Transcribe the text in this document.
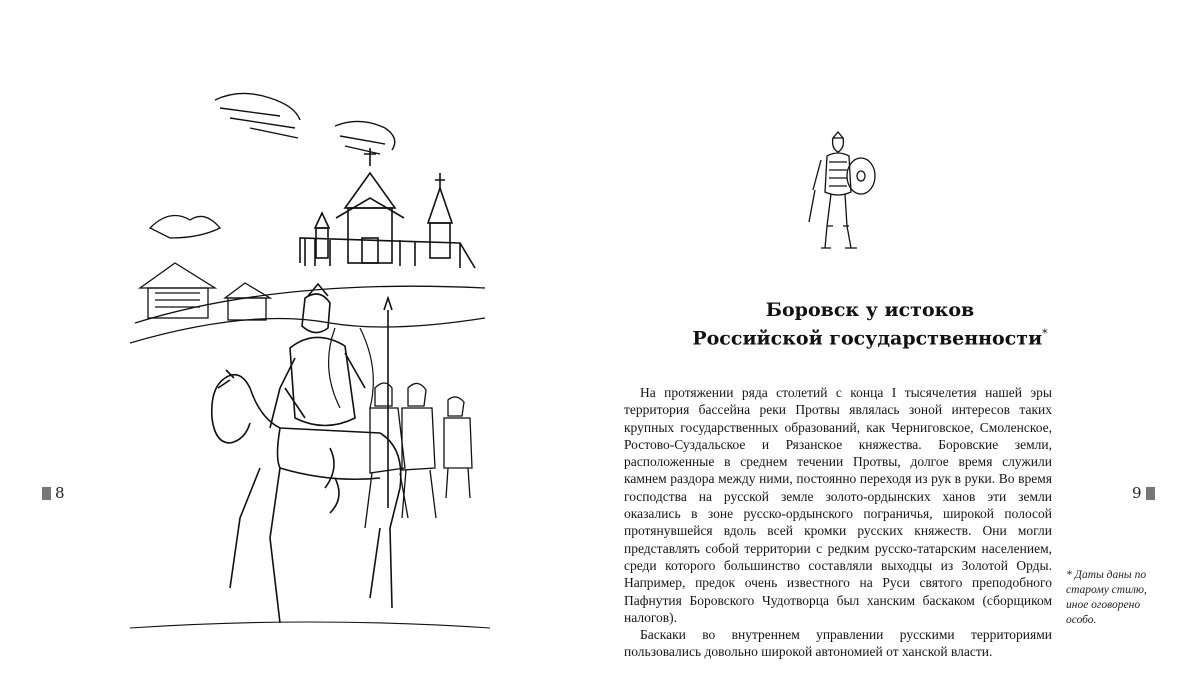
8
Боровск у истоков
Российской государственности*

На протяжении ряда столетий с конца I тысячелетия нашей эры территория бассейна реки Протвы являлась зоной интересов таких крупных государственных образований, как Черниговское, Смоленское, Ростово-Суздальское и Рязанское княжества. Боровские земли, расположенные в среднем течении Протвы, долгое время служили камнем раздора между ними, постоянно переходя из рук в руки. Во время господства на русской земле золото-ордынских ханов эти земли оказались в зоне русско-ордынского пограничья, широкой полосой протянувшейся вдоль всей кромки русских княжеств. Они могли представлять собой территории с редким русско-татарским населением, среди которого большинство составляли выходцы из Золотой Орды. Например, предок очень известного на Руси святого преподобного Пафнутия Боровского Чудотворца был ханским баскаком (сборщиком налогов).

Баскаки во внутреннем управлении русскими территориями пользовались довольно широкой автономией от ханской власти.

* Даты даны по старому стилю, иное оговорено особо.
9
